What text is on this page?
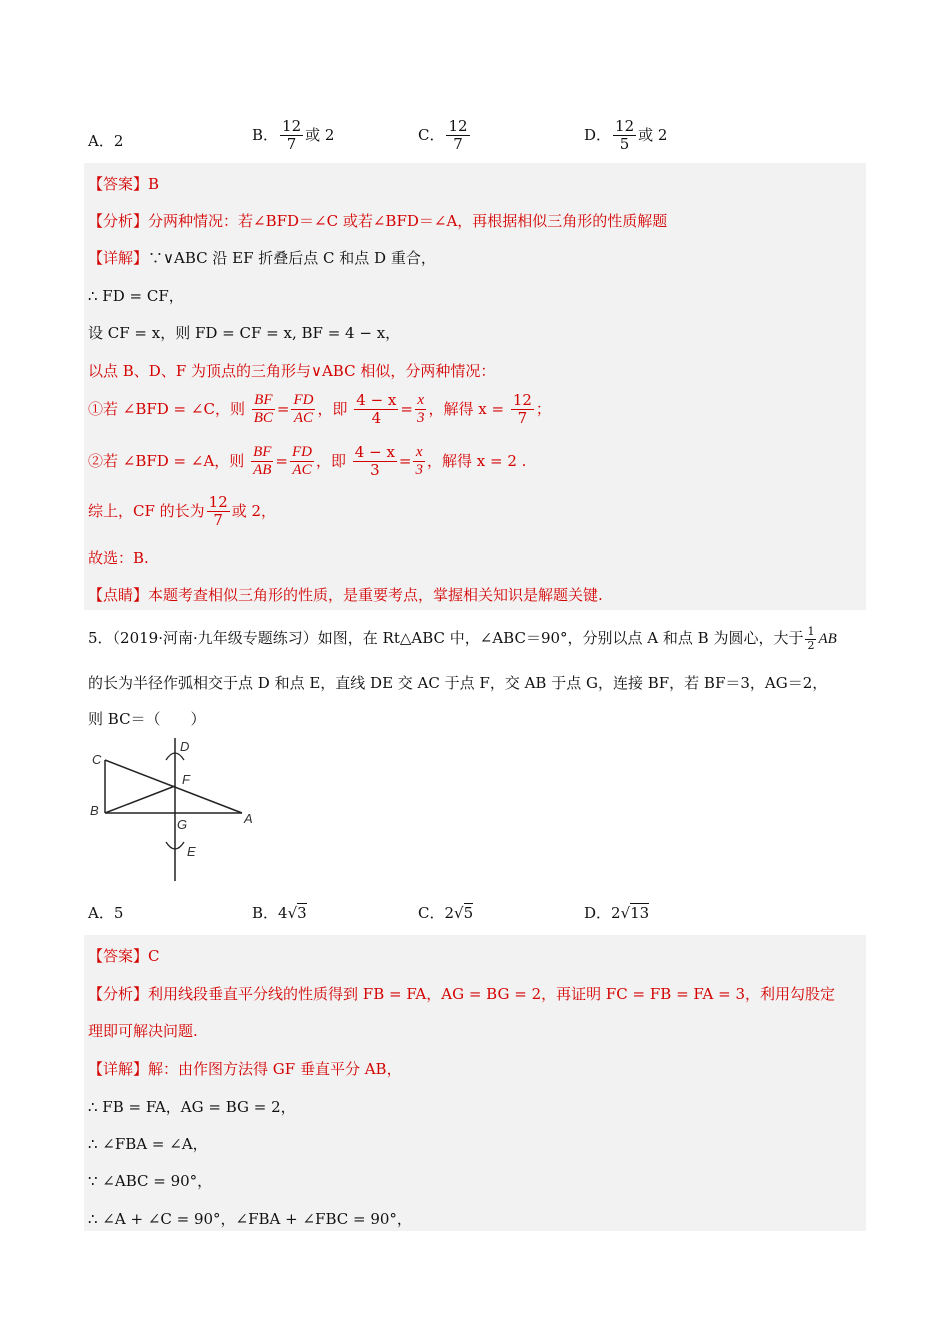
A．2	B． $\frac{12}{7}$ 或 2	C． $\frac{12}{7}$	D． $\frac{12}{5}$ 或 2
【答案】B
【分析】分两种情况：若∠BFD＝∠C 或若∠BFD＝∠A，再根据相似三角形的性质解题
【详解】∵∨ABC 沿 EF 折叠后点 C 和点 D 重合，
∴ FD = CF，
设 CF = x，则 FD = CF = x, BF = 4 − x，
以点 B、D、F 为顶点的三角形与∨ABC 相似，分两种情况：
①若 ∠BFD = ∠C，则 $\frac{BF}{BC} = \frac{FD}{AC}$ ，即 $\frac{4 - x}{4} = \frac{x}{3}$ ，解得 $x = \frac{12}{7}$ ；
②若 ∠BFD = ∠A，则 $\frac{BF}{AB} = \frac{FD}{AC}$ ，即 $\frac{4 - x}{3} = \frac{x}{3}$ ，解得 x = 2 .
综上，CF 的长为 $\frac{12}{7}$ 或 2，
故选：B.
【点睛】本题考查相似三角形的性质，是重要考点，掌握相关知识是解题关键.
5．（2019·河南·九年级专题练习）如图，在 Rt△ABC 中，∠ABC＝90°，分别以点 A 和点 B 为圆心，大于 $\frac{1}{2}$ AB
的长为半径作弧相交于点 D 和点 E，直线 DE 交 AC 于点 F，交 AB 于点 G，连接 BF，若 BF＝3，AG＝2，
则 BC＝（　　）
C
B
A
D
F
G
E
A．5	B．4√3	C．2√5	D．2√13
【答案】C
【分析】利用线段垂直平分线的性质得到 FB = FA，AG = BG = 2，再证明 FC = FB = FA = 3，利用勾股定
理即可解决问题.
【详解】解：由作图方法得 GF 垂直平分 AB，
∴ FB = FA，AG = BG = 2，
∴ ∠FBA = ∠A，
∵ ∠ABC = 90°，
∴ ∠A + ∠C = 90°，∠FBA + ∠FBC = 90°，
